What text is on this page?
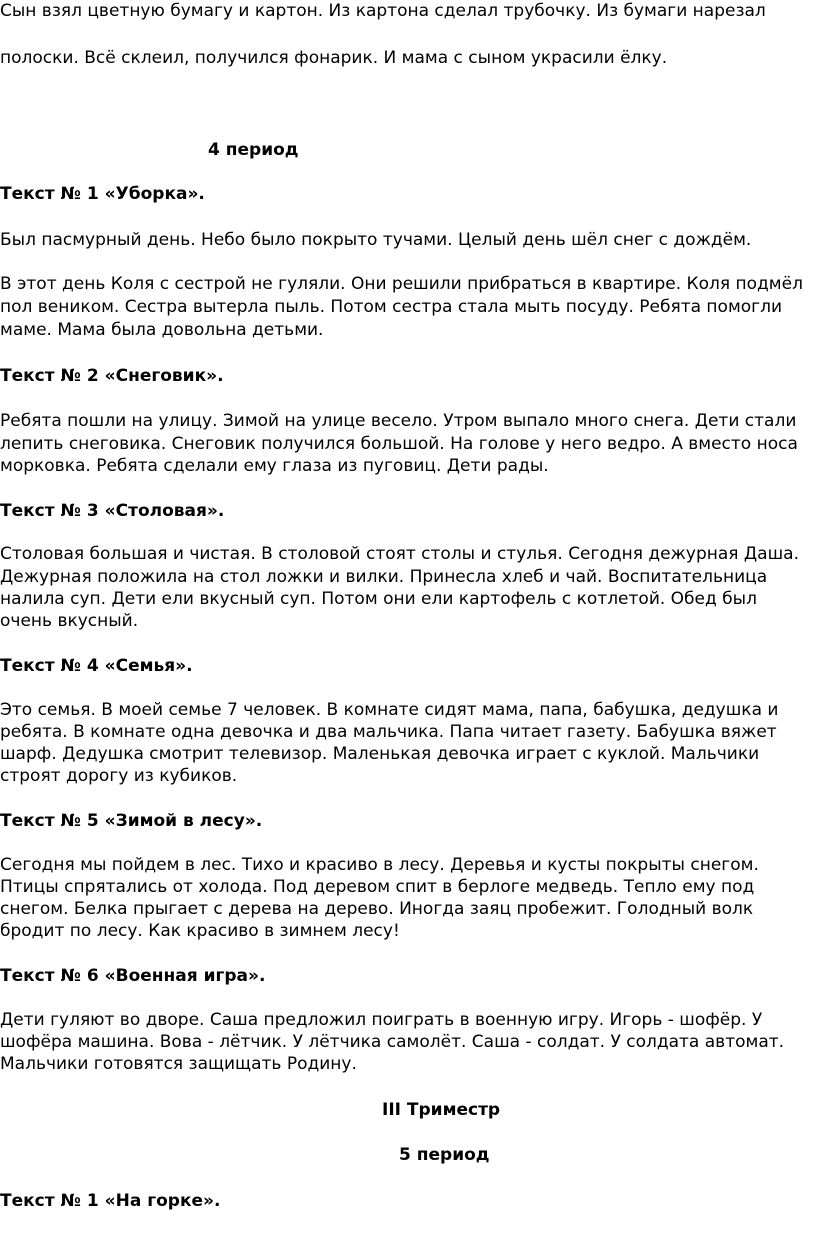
Сын взял цветную бумагу и картон. Из картона сделал трубочку. Из бумаги нарезал

полоски. Всё склеил, получился фонарик. И мама с сыном украсили ёлку.

4 период

Текст № 1 «Уборка».

Был пасмурный день. Небо было покрыто тучами. Целый день шёл снег с дождём.

В этот день Коля с сестрой не гуляли. Они решили прибраться в квартире. Коля подмёл

пол веником. Сестра вытерла пыль. Потом сестра стала мыть посуду. Ребята помогли

маме. Мама была довольна детьми.

Текст № 2 «Снеговик».

Ребята пошли на улицу. Зимой на улице весело. Утром выпало много снега. Дети стали

лепить снеговика. Снеговик получился большой. На голове у него ведро. А вместо носа

морковка. Ребята сделали ему глаза из пуговиц. Дети рады.

Текст № 3 «Столовая».

Столовая большая и чистая. В столовой стоят столы и стулья. Сегодня дежурная Даша.

Дежурная положила на стол ложки и вилки. Принесла хлеб и чай. Воспитательница

налила суп. Дети ели вкусный суп. Потом они ели картофель с котлетой. Обед был

очень вкусный.

Текст № 4 «Семья».

Это семья. В моей семье 7 человек. В комнате сидят мама, папа, бабушка, дедушка и

ребята. В комнате одна девочка и два мальчика. Папа читает газету. Бабушка вяжет

шарф. Дедушка смотрит телевизор. Маленькая девочка играет с куклой. Мальчики

строят дорогу из кубиков.

Текст № 5 «Зимой в лесу».

Сегодня мы пойдем в лес. Тихо и красиво в лесу. Деревья и кусты покрыты снегом.

Птицы спрятались от холода. Под деревом спит в берлоге медведь. Тепло ему под

снегом. Белка прыгает с дерева на дерево. Иногда заяц пробежит. Голодный волк

бродит по лесу. Как красиво в зимнем лесу!

Текст № 6 «Военная игра».

Дети гуляют во дворе. Саша предложил поиграть в военную игру. Игорь - шофёр. У

шофёра машина. Вова - лётчик. У лётчика самолёт. Саша - солдат. У солдата автомат.

Мальчики готовятся защищать Родину.

III Триместр

5 период

Текст № 1 «На горке».
